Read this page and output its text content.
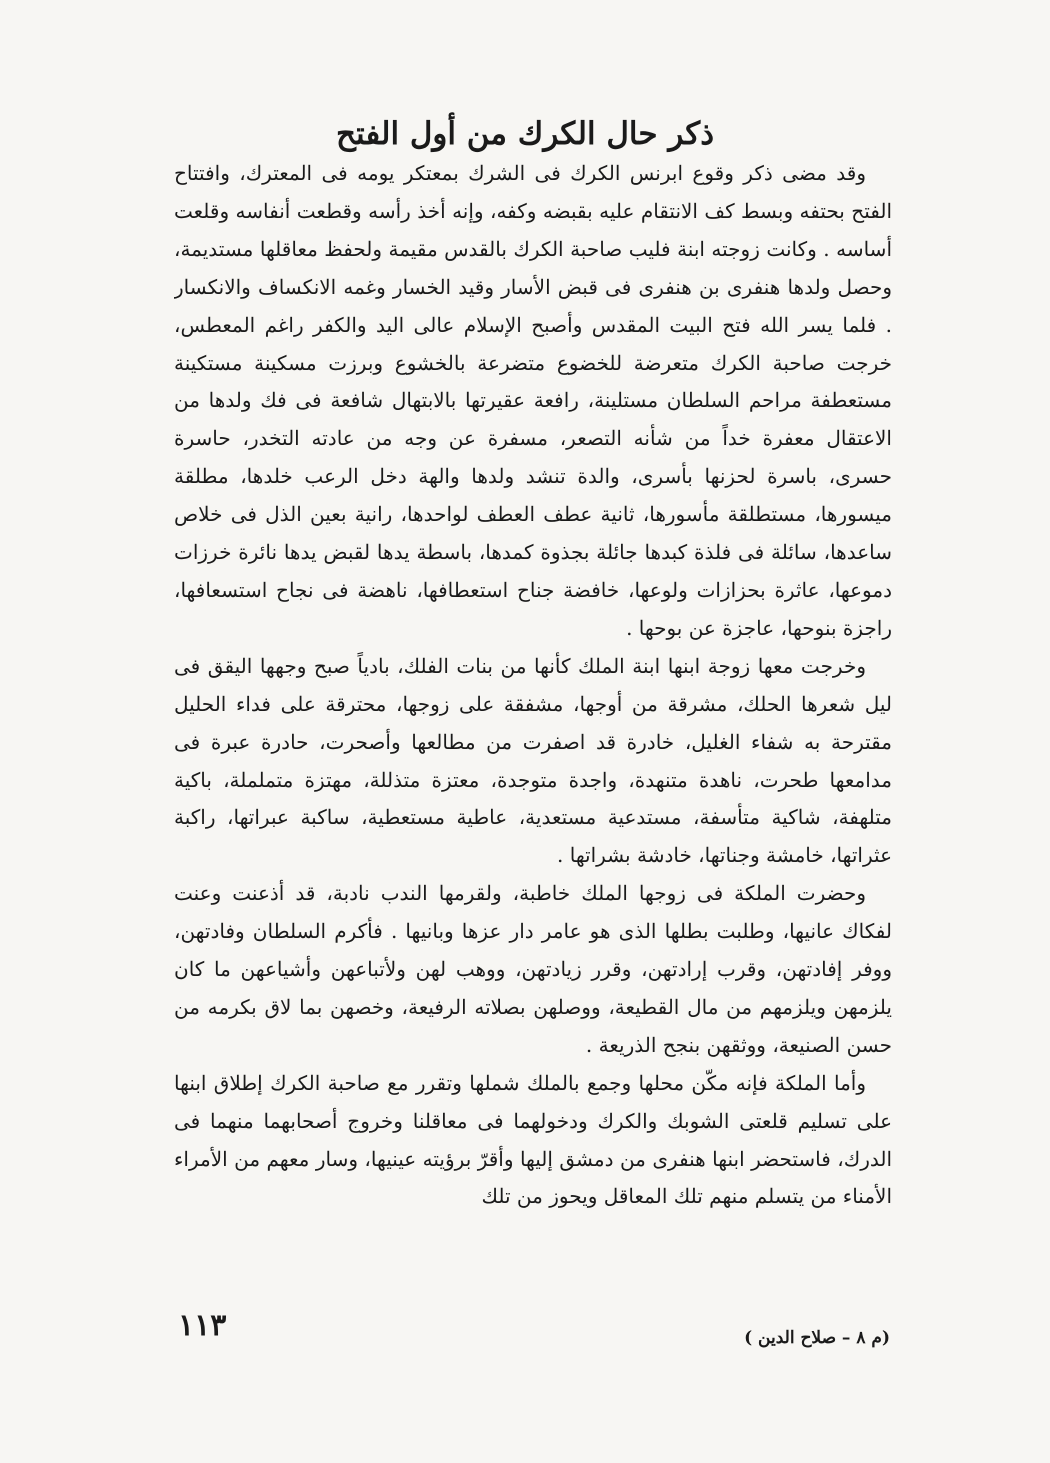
ذكر حال الكرك من أول الفتح

وقد مضى ذكر وقوع ابرنس الكرك فى الشرك بمعتكر يومه فى المعترك، وافتتاح الفتح بحتفه وبسط كف الانتقام عليه بقبضه وكفه، وإنه أخذ رأسه وقطعت أنفاسه وقلعت أساسه . وكانت زوجته ابنة فليب صاحبة الكرك بالقدس مقيمة ولحفظ معاقلها مستديمة، وحصل ولدها هنفرى بن هنفرى فى قبض الأسار وقيد الخسار وغمه الانكساف والانكسار . فلما يسر الله فتح البيت المقدس وأصبح الإسلام عالى اليد والكفر راغم المعطس، خرجت صاحبة الكرك متعرضة للخضوع متضرعة بالخشوع وبرزت مسكينة مستكينة مستعطفة مراحم السلطان مستلينة، رافعة عقيرتها بالابتهال شافعة فى فك ولدها من الاعتقال معفرة خداً من شأنه التصعر، مسفرة عن وجه من عادته التخدر، حاسرة حسرى، باسرة لحزنها بأسرى، والدة تنشد ولدها والهة دخل الرعب خلدها، مطلقة ميسورها، مستطلقة مأسورها، ثانية عطف العطف لواحدها، رانية بعين الذل فى خلاص ساعدها، سائلة فى فلذة كبدها جائلة بجذوة كمدها، باسطة يدها لقبض يدها نائرة خرزات دموعها، عاثرة بحزازات ولوعها، خافضة جناح استعطافها، ناهضة فى نجاح استسعافها، راجزة بنوحها، عاجزة عن بوحها .

وخرجت معها زوجة ابنها ابنة الملك كأنها من بنات الفلك، بادياً صبح وجهها اليقق فى ليل شعرها الحلك، مشرقة من أوجها، مشفقة على زوجها، محترقة على فداء الحليل مقترحة به شفاء الغليل، خادرة قد اصفرت من مطالعها وأصحرت، حادرة عبرة فى مدامعها طحرت، ناهدة متنهدة، واجدة متوجدة، معتزة متذللة، مهتزة متململة، باكية متلهفة، شاكية متأسفة، مستدعية مستعدية، عاطية مستعطية، ساكبة عبراتها، راكبة عثراتها، خامشة وجناتها، خادشة بشراتها .

وحضرت الملكة فى زوجها الملك خاطبة، ولقرمها الندب نادبة، قد أذعنت وعنت لفكاك عانيها، وطلبت بطلها الذى هو عامر دار عزها وبانيها . فأكرم السلطان وفادتهن، ووفر إفادتهن، وقرب إرادتهن، وقرر زيادتهن، ووهب لهن ولأتباعهن وأشياعهن ما كان يلزمهن ويلزمهم من مال القطيعة، ووصلهن بصلاته الرفيعة، وخصهن بما لاق بكرمه من حسن الصنيعة، ووثقهن بنجح الذريعة .

وأما الملكة فإنه مكّن محلها وجمع بالملك شملها وتقرر مع صاحبة الكرك إطلاق ابنها على تسليم قلعتى الشوبك والكرك ودخولهما فى معاقلنا وخروج أصحابهما منهما فى الدرك، فاستحضر ابنها هنفرى من دمشق إليها وأقرّ برؤيته عينيها، وسار معهم من الأمراء الأمناء من يتسلم منهم تلك المعاقل ويحوز من تلك

١١٣	(م ٨ – صلاح الدين )
